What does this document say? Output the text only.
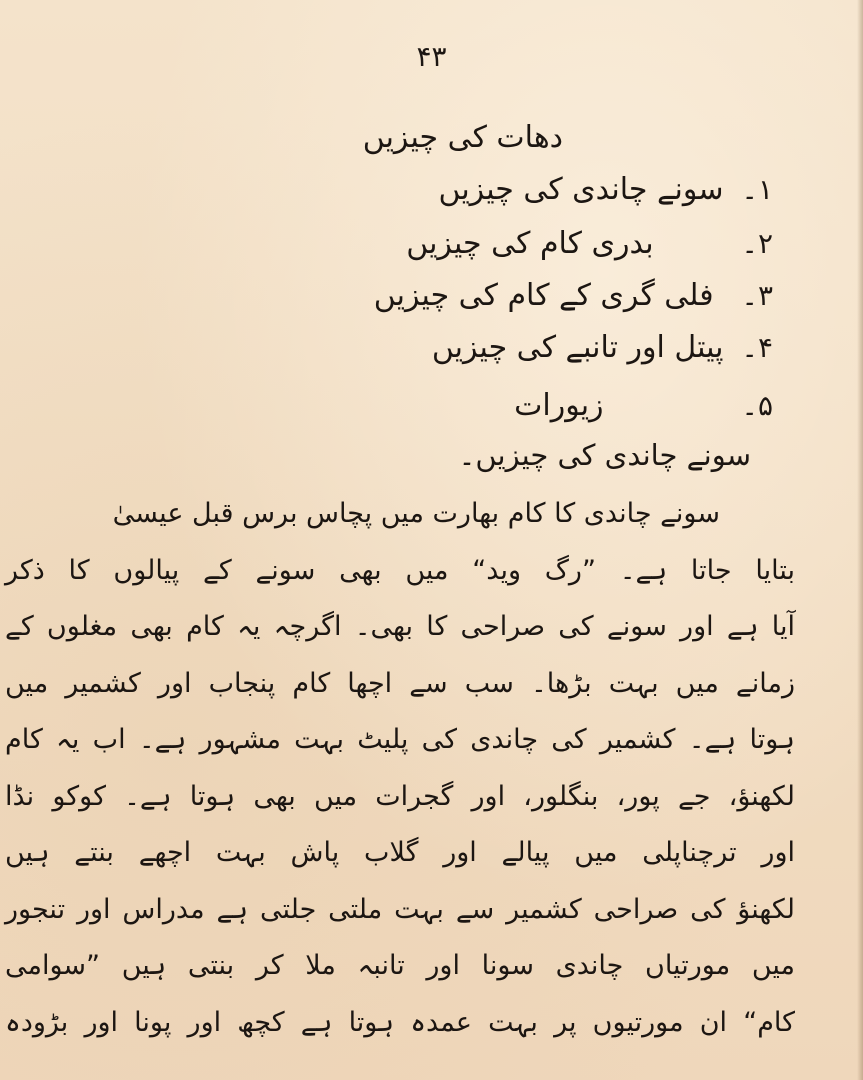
۴۳
دھات کی چیزیں
۱۔سونے چاندی کی چیزیں
۲۔بدری کام کی چیزیں
۳۔فلی گری کے کام کی چیزیں
۴۔پیتل اور تانبے کی چیزیں
۵۔زیورات
سونے چاندی کی چیزیں۔
سونے چاندی کا کام بھارت میں پچاس برس قبل عیسیٰ
بتایا جاتا ہے۔ ”رگ وید“ میں بھی سونے کے پیالوں کا ذکر
آیا ہے اور سونے کی صراحی کا بھی۔ اگرچہ یہ کام بھی مغلوں کے
زمانے میں بہت بڑھا۔ سب سے اچھا کام پنجاب اور کشمیر میں
ہوتا ہے۔ کشمیر کی چاندی کی پلیٹ بہت مشہور ہے۔ اب یہ کام
لکھنؤ، جے پور، بنگلور، اور گجرات میں بھی ہوتا ہے۔ کوکو نڈا
اور ترچناپلی میں پیالے اور گلاب پاش بہت اچھے بنتے ہیں
لکھنؤ کی صراحی کشمیر سے بہت ملتی جلتی ہے مدراس اور تنجور
میں مورتیاں چاندی سونا اور تانبہ ملا کر بنتی ہیں ”سوامی
کام“ ان مورتیوں پر بہت عمدہ ہوتا ہے کچھ اور پونا اور بڑودہ
